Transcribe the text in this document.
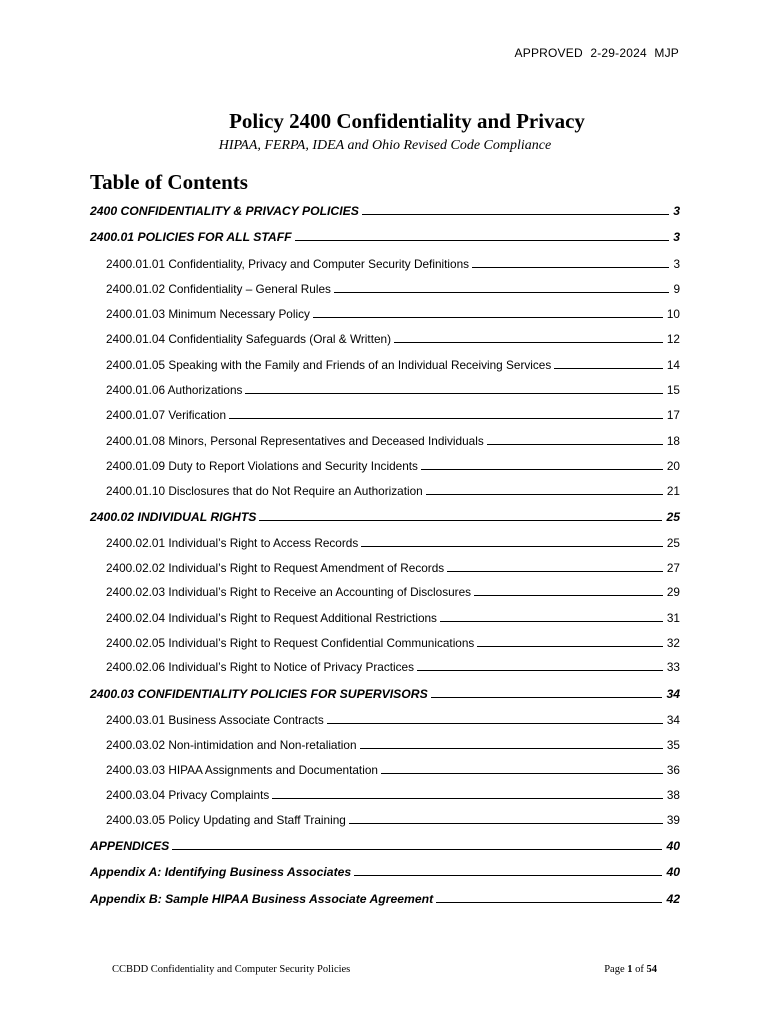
APPROVED 2-29-2024 MJP
Policy 2400 Confidentiality and Privacy
HIPAA, FERPA, IDEA and Ohio Revised Code Compliance
Table of Contents
2400 CONFIDENTIALITY & PRIVACY POLICIES	3
2400.01 POLICIES FOR ALL STAFF	3
2400.01.01 Confidentiality, Privacy and Computer Security Definitions	3
2400.01.02 Confidentiality – General Rules	9
2400.01.03 Minimum Necessary Policy	10
2400.01.04 Confidentiality Safeguards (Oral & Written)	12
2400.01.05 Speaking with the Family and Friends of an Individual Receiving Services	14
2400.01.06 Authorizations	15
2400.01.07 Verification	17
2400.01.08 Minors, Personal Representatives and Deceased Individuals	18
2400.01.09 Duty to Report Violations and Security Incidents	20
2400.01.10 Disclosures that do Not Require an Authorization	21
2400.02 INDIVIDUAL RIGHTS	25
2400.02.01 Individual’s Right to Access Records	25
2400.02.02 Individual’s Right to Request Amendment of Records	27
2400.02.03 Individual’s Right to Receive an Accounting of Disclosures	29
2400.02.04 Individual’s Right to Request Additional Restrictions	31
2400.02.05 Individual’s Right to Request Confidential Communications	32
2400.02.06 Individual’s Right to Notice of Privacy Practices	33
2400.03 CONFIDENTIALITY POLICIES FOR SUPERVISORS	34
2400.03.01 Business Associate Contracts	34
2400.03.02 Non-intimidation and Non-retaliation	35
2400.03.03 HIPAA Assignments and Documentation	36
2400.03.04 Privacy Complaints	38
2400.03.05 Policy Updating and Staff Training	39
APPENDICES	40
Appendix A: Identifying Business Associates	40
Appendix B: Sample HIPAA Business Associate Agreement	42
CCBDD Confidentiality and Computer Security Policies	Page 1 of 54
